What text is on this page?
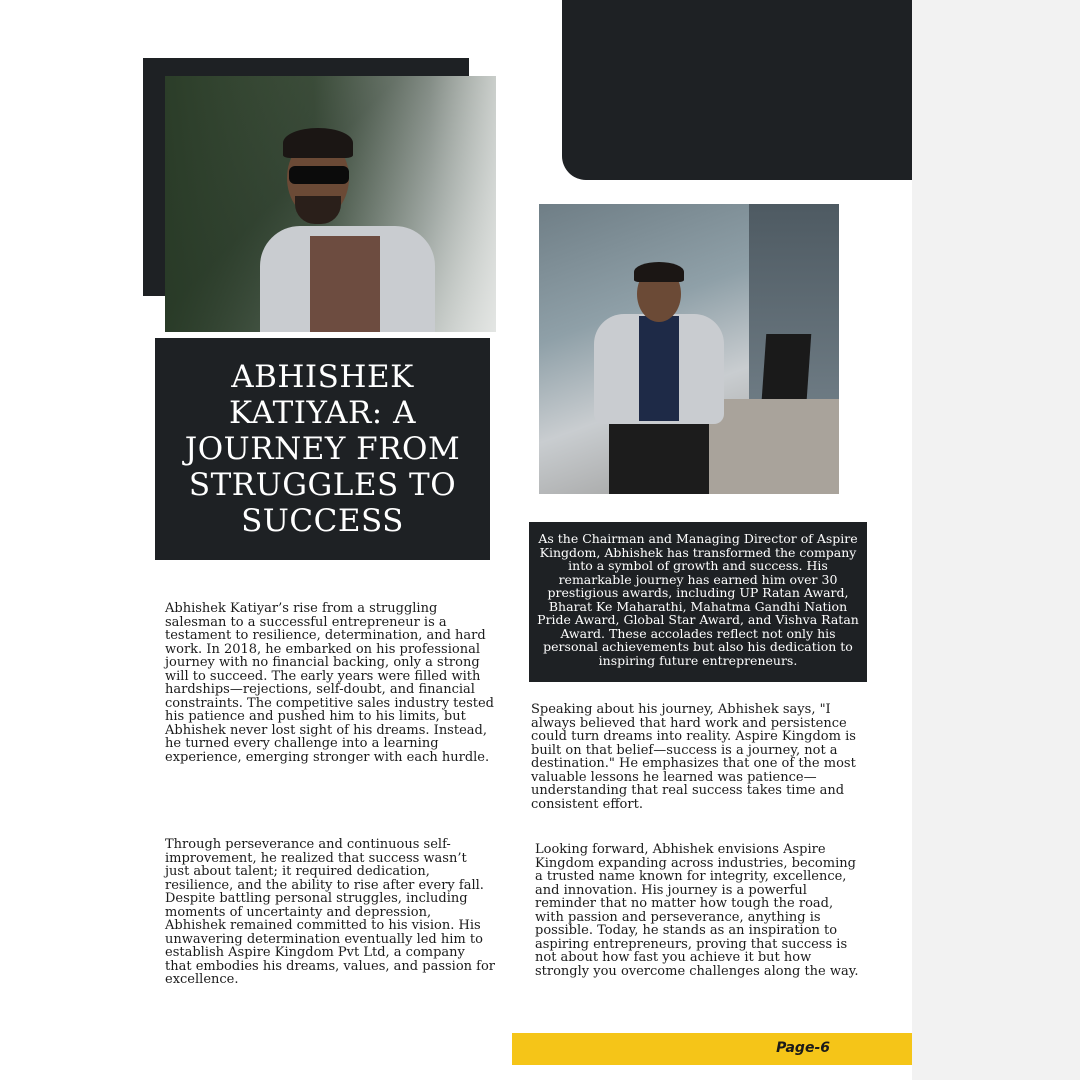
ABHISHEK
KATIYAR: A
JOURNEY FROM
STRUGGLES TO
SUCCESS

Abhishek Katiyar’s rise from a struggling salesman to a successful entrepreneur is a testament to resilience, determination, and hard work. In 2018, he embarked on his professional journey with no financial backing, only a strong will to succeed. The early years were filled with hardships—rejections, self-doubt, and financial constraints. The competitive sales industry tested his patience and pushed him to his limits, but Abhishek never lost sight of his dreams. Instead, he turned every challenge into a learning experience, emerging stronger with each hurdle.

Through perseverance and continuous self-improvement, he realized that success wasn’t just about talent; it required dedication, resilience, and the ability to rise after every fall. Despite battling personal struggles, including moments of uncertainty and depression, Abhishek remained committed to his vision. His unwavering determination eventually led him to establish Aspire Kingdom Pvt Ltd, a company that embodies his dreams, values, and passion for excellence.

As the Chairman and Managing Director of Aspire Kingdom, Abhishek has transformed the company into a symbol of growth and success. His remarkable journey has earned him over 30 prestigious awards, including UP Ratan Award, Bharat Ke Maharathi, Mahatma Gandhi Nation Pride Award, Global Star Award, and Vishva Ratan Award. These accolades reflect not only his personal achievements but also his dedication to inspiring future entrepreneurs.

Speaking about his journey, Abhishek says, "I always believed that hard work and persistence could turn dreams into reality. Aspire Kingdom is built on that belief—success is a journey, not a destination." He emphasizes that one of the most valuable lessons he learned was patience—understanding that real success takes time and consistent effort.

Looking forward, Abhishek envisions Aspire Kingdom expanding across industries, becoming a trusted name known for integrity, excellence, and innovation. His journey is a powerful reminder that no matter how tough the road, with passion and perseverance, anything is possible. Today, he stands as an inspiration to aspiring entrepreneurs, proving that success is not about how fast you achieve it but how strongly you overcome challenges along the way.

Page-6
